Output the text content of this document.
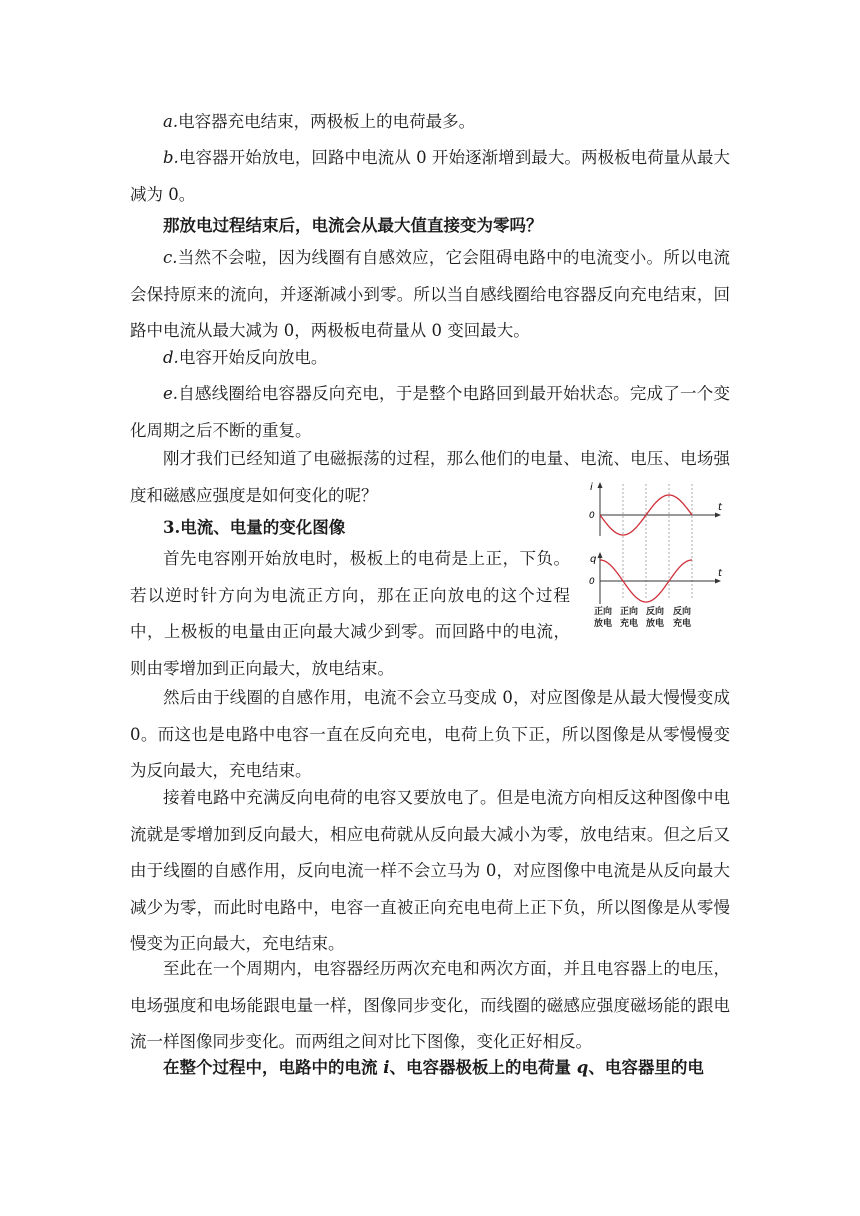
a.电容器充电结束，两极板上的电荷最多。

b.电容器开始放电，回路中电流从 0 开始逐渐增到最大。两极板电荷量从最大减为 0。

那放电过程结束后，电流会从最大值直接变为零吗？

c.当然不会啦，因为线圈有自感效应，它会阻碍电路中的电流变小。所以电流会保持原来的流向，并逐渐减小到零。所以当自感线圈给电容器反向充电结束，回路中电流从最大减为 0，两极板电荷量从 0 变回最大。

d.电容开始反向放电。

e.自感线圈给电容器反向充电，于是整个电路回到最开始状态。完成了一个变化周期之后不断的重复。

刚才我们已经知道了电磁振荡的过程，那么他们的电量、电流、电压、电场强度和磁感应强度是如何变化的呢？

3.电流、电量的变化图像

首先电容刚开始放电时，极板上的电荷是上正，下负。若以逆时针方向为电流正方向，那在正向放电的这个过程中，上极板的电量由正向最大减少到零。而回路中的电流，则由零增加到正向最大，放电结束。

i
0
t
q
0
t
正向
放电
正向
充电
反向
放电
反向
充电

然后由于线圈的自感作用，电流不会立马变成 0，对应图像是从最大慢慢变成 0。而这也是电路中电容一直在反向充电，电荷上负下正，所以图像是从零慢慢变为反向最大，充电结束。

接着电路中充满反向电荷的电容又要放电了。但是电流方向相反这种图像中电流就是零增加到反向最大，相应电荷就从反向最大减小为零，放电结束。但之后又由于线圈的自感作用，反向电流一样不会立马为 0，对应图像中电流是从反向最大减少为零，而此时电路中，电容一直被正向充电电荷上正下负，所以图像是从零慢慢变为正向最大，充电结束。

至此在一个周期内，电容器经历两次充电和两次方面，并且电容器上的电压，电场强度和电场能跟电量一样，图像同步变化，而线圈的磁感应强度磁场能的跟电流一样图像同步变化。而两组之间对比下图像，变化正好相反。

在整个过程中，电路中的电流 i、电容器极板上的电荷量 q、电容器里的电
